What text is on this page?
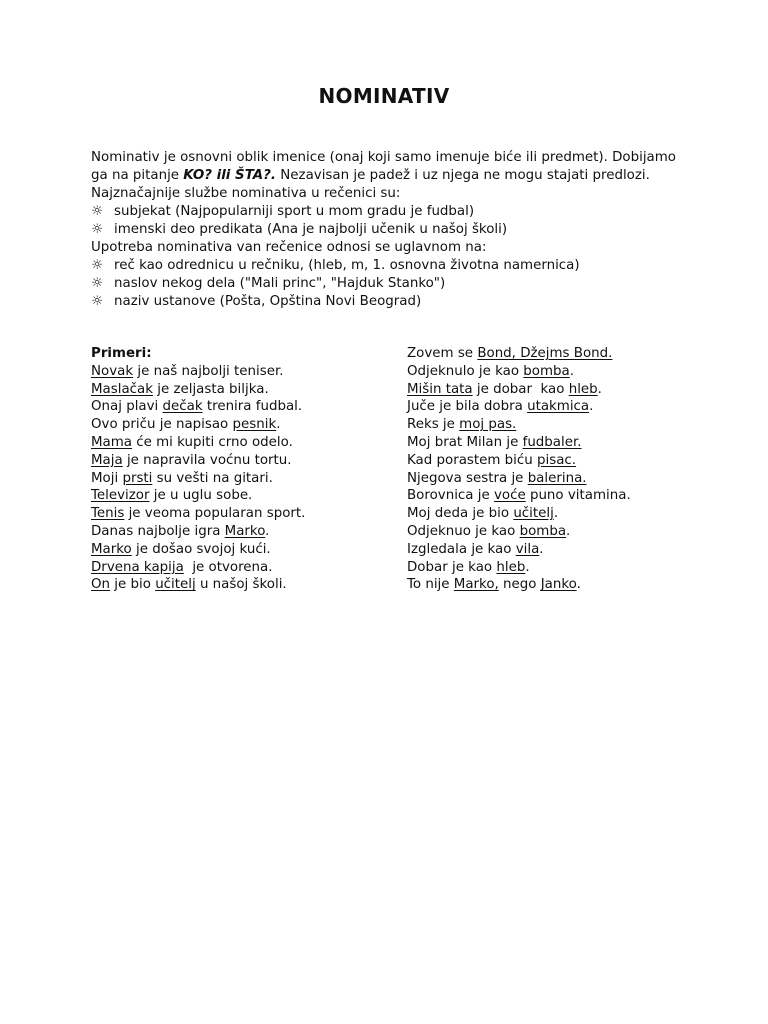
NOMINATIV

Nominativ je osnovni oblik imenice (onaj koji samo imenuje biće ili predmet). Dobijamo ga na pitanje KO? ili ŠTA?. Nezavisan je padež i uz njega ne mogu stajati predlozi.

Najznačajnije službe nominativa u rečenici su:

☼ subjekat (Najpopularniji sport u mom gradu je fudbal)

☼ imenski deo predikata (Ana je najbolji učenik u našoj školi)

Upotreba nominativa van rečenice odnosi se uglavnom na:

☼ reč kao odrednicu u rečniku, (hleb, m, 1. osnovna životna namernica)

☼ naslov nekog dela ("Mali princ", "Hajduk Stanko")

☼ naziv ustanove (Pošta, Opština Novi Beograd)

Primeri:

Novak je naš najbolji teniser.

Maslačak je zeljasta biljka.

Onaj plavi dečak trenira fudbal.

Ovo priču je napisao pesnik.

Mama će mi kupiti crno odelo.

Maja je napravila voćnu tortu.

Moji prsti su vešti na gitari.

Televizor je u uglu sobe.

Tenis je veoma popularan sport.

Danas najbolje igra Marko.

Marko je došao svojoj kući.

Drvena kapija  je otvorena.

On je bio učitelj u našoj školi.

Zovem se Bond, Džejms Bond.

Odjeknulo je kao bomba.

Mišin tata je dobar  kao hleb.

Juče je bila dobra utakmica.

Reks je moj pas.

Moj brat Milan je fudbaler.

Kad porastem biću pisac.

Njegova sestra je balerina.

Borovnica je voće puno vitamina.

Moj deda je bio učitelj.

Odjeknuo je kao bomba.

Izgledala je kao vila.

Dobar je kao hleb.

To nije Marko, nego Janko.
